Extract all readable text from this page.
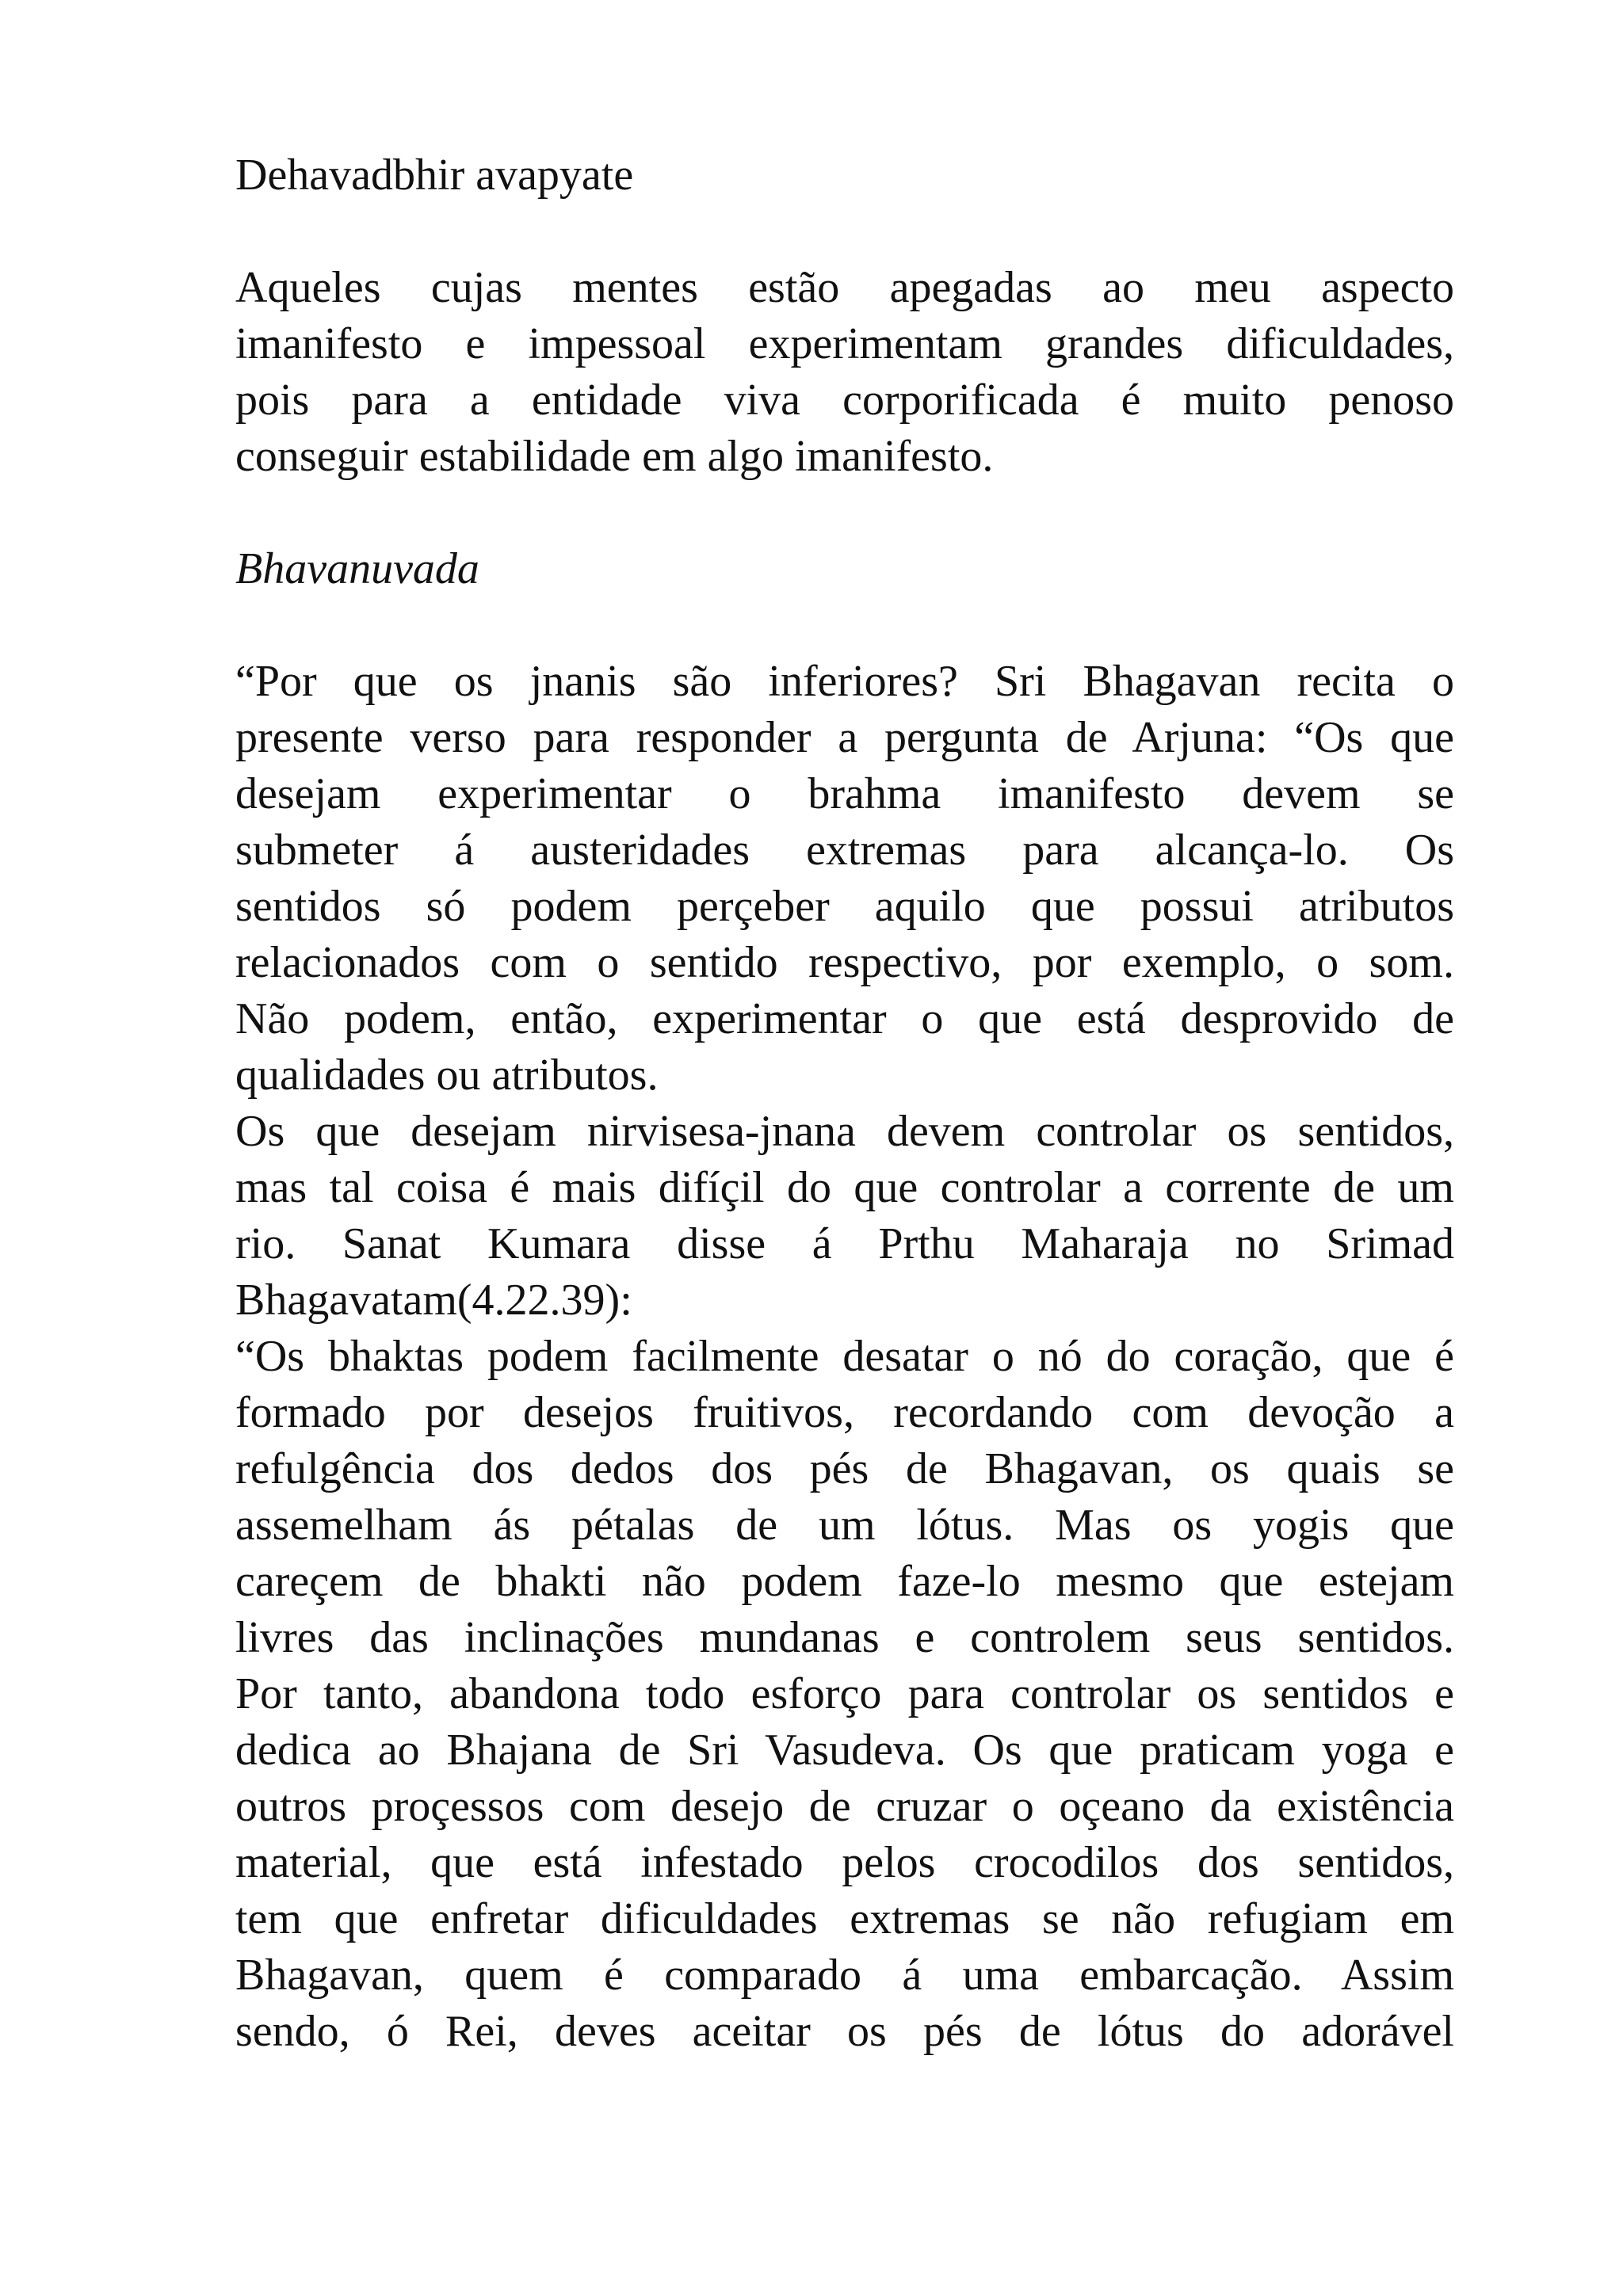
Dehavadbhir avapyate

Aqueles cujas mentes estão apegadas ao meu aspecto

imanifesto e impessoal experimentam grandes dificuldades,

pois para a entidade viva corporificada é muito penoso

conseguir estabilidade em algo imanifesto.

Bhavanuvada

“Por que os jnanis são inferiores? Sri Bhagavan recita o

presente verso para responder a pergunta de Arjuna: “Os que

desejam experimentar o brahma imanifesto devem se

submeter á austeridades extremas para alcança-lo. Os

sentidos só podem perçeber aquilo que possui atributos

relacionados com o sentido respectivo, por exemplo, o som.

Não podem, então, experimentar o que está desprovido de

qualidades ou atributos.

Os que desejam nirvisesa-jnana devem controlar os sentidos,

mas tal coisa é mais difíçil do que controlar a corrente de um

rio. Sanat Kumara disse á Prthu Maharaja no Srimad

Bhagavatam(4.22.39):

“Os bhaktas podem facilmente desatar o nó do coração, que é

formado por desejos fruitivos, recordando com devoção a

refulgência dos dedos dos pés de Bhagavan, os quais se

assemelham ás pétalas de um lótus. Mas os yogis que

careçem de bhakti não podem faze-lo mesmo que estejam

livres das inclinações mundanas e controlem seus sentidos.

Por tanto, abandona todo esforço para controlar os sentidos e

dedica ao Bhajana de Sri Vasudeva. Os que praticam yoga e

outros proçessos com desejo de cruzar o oçeano da existência

material, que está infestado pelos crocodilos dos sentidos,

tem que enfretar dificuldades extremas se não refugiam em

Bhagavan, quem é comparado á uma embarcação. Assim

sendo, ó Rei, deves aceitar os pés de lótus do adorável
